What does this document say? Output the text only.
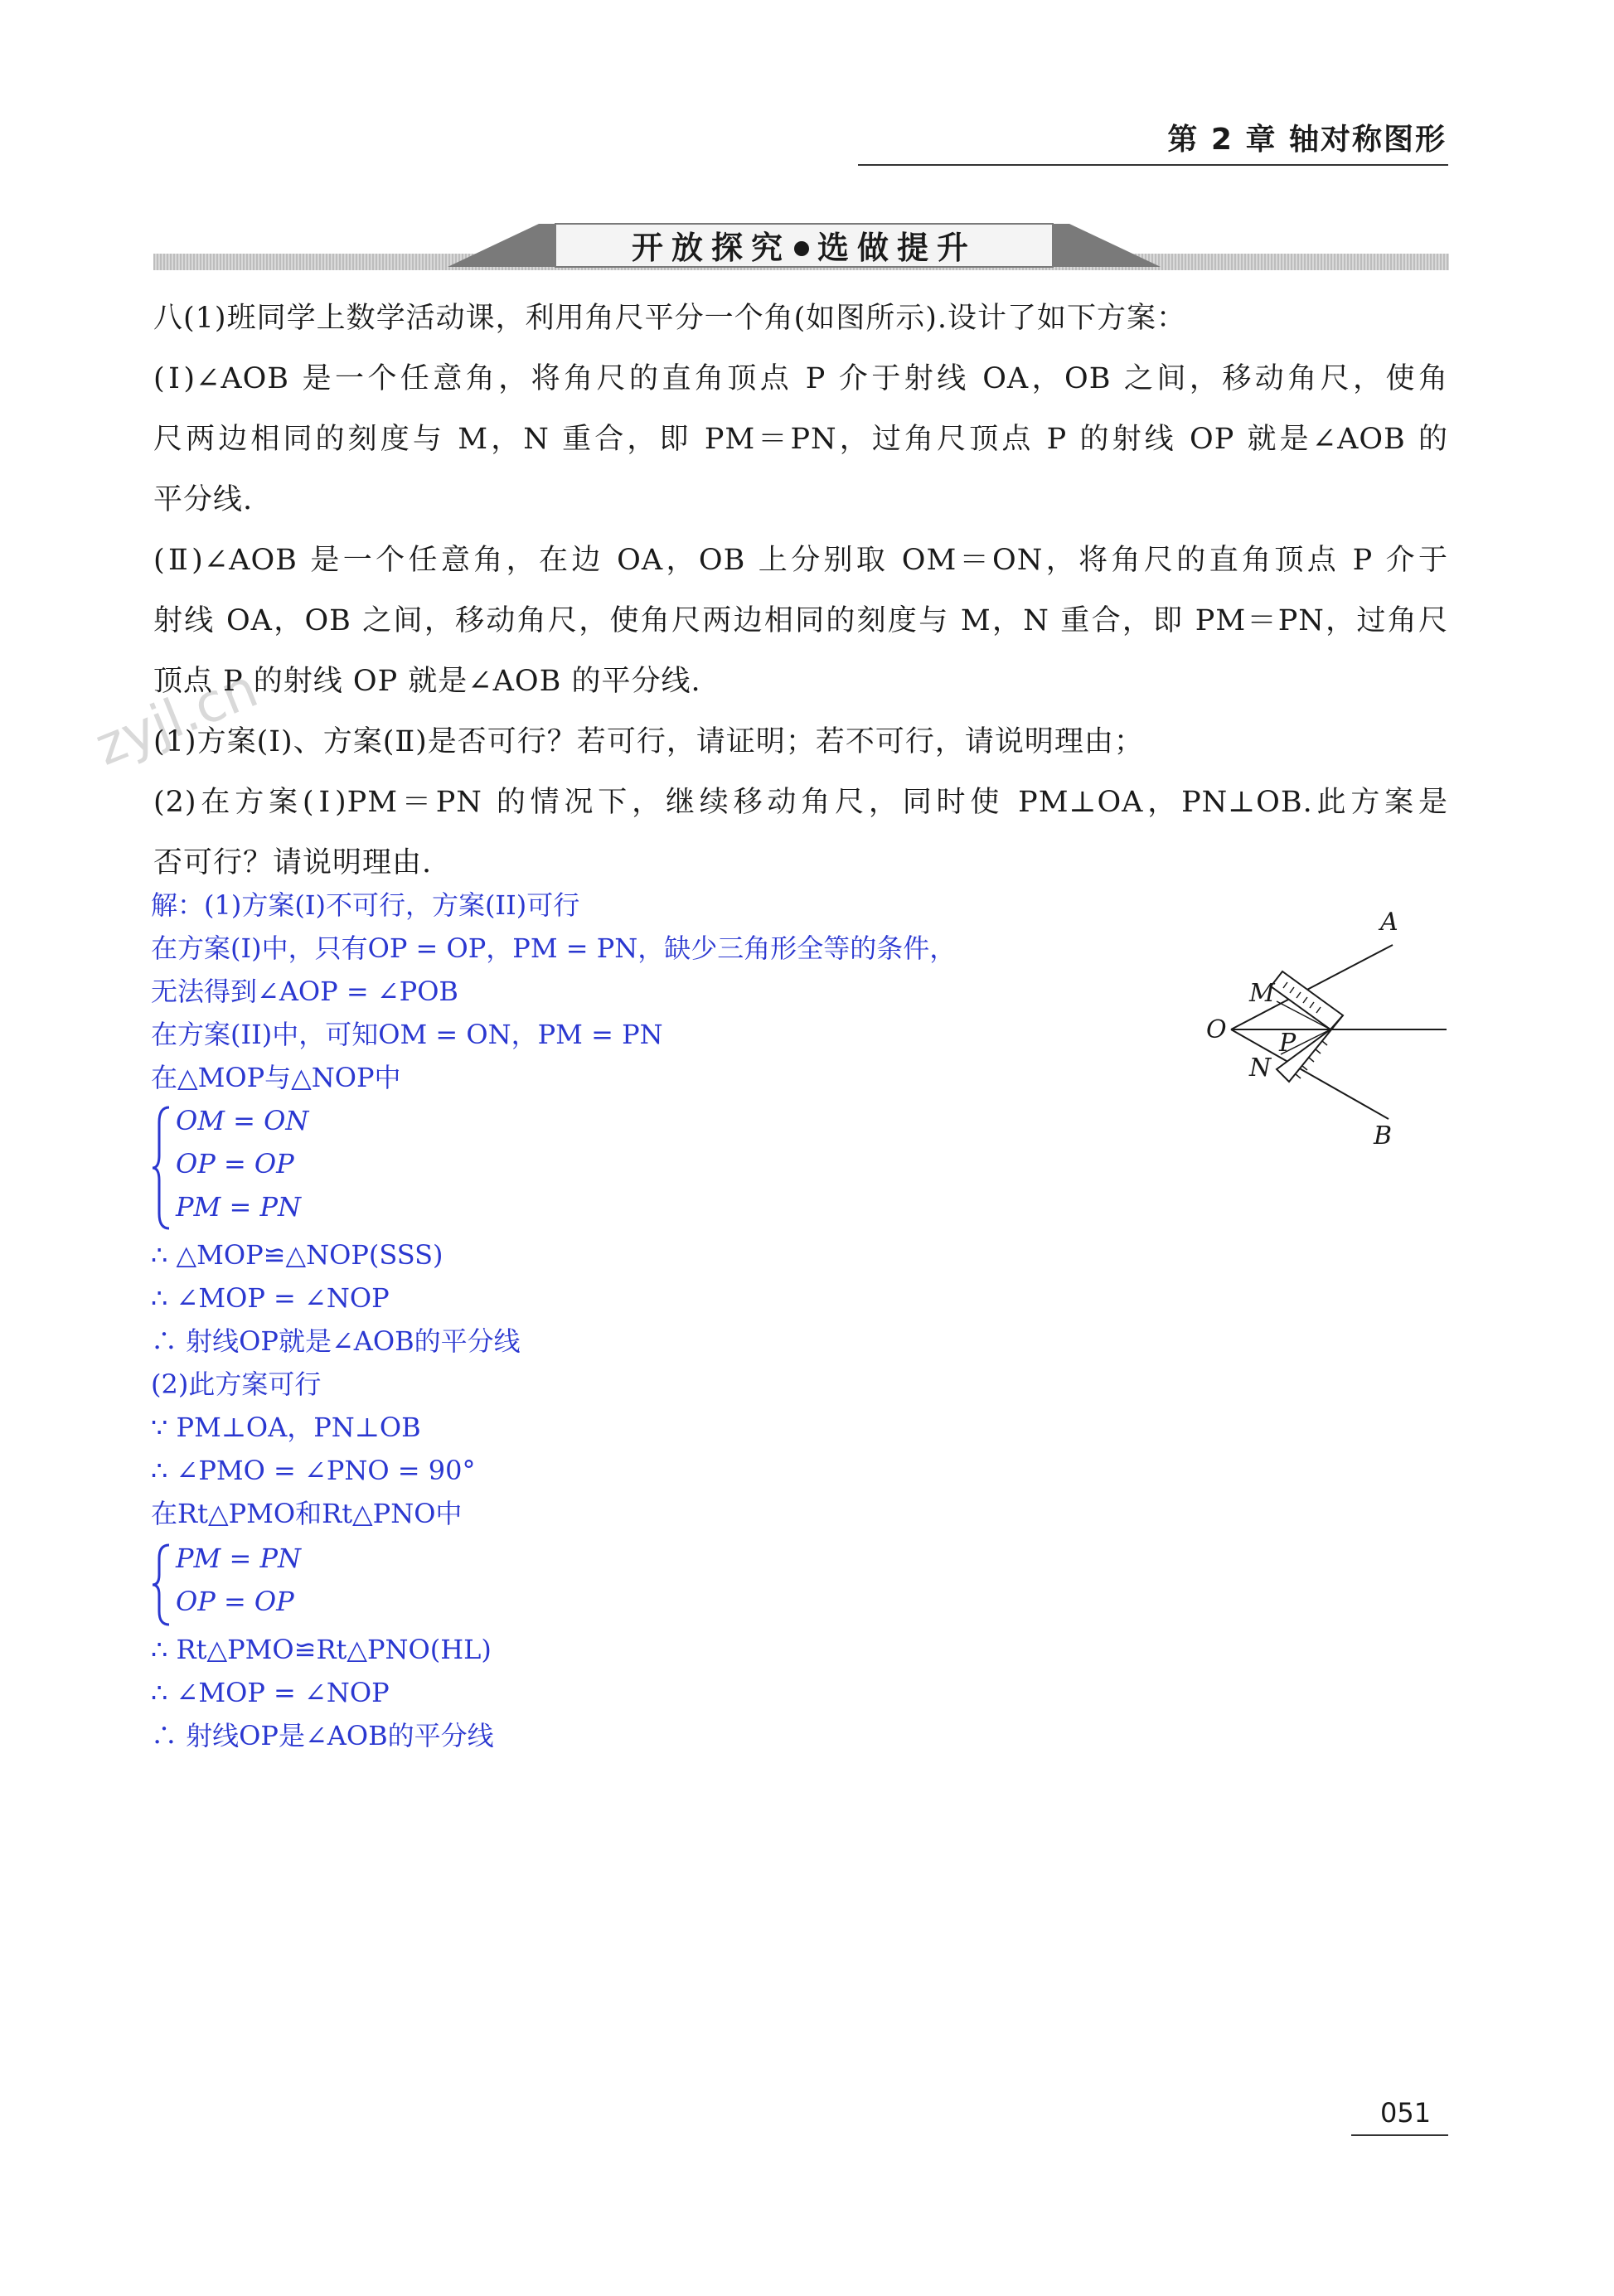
第 2 章 轴对称图形
开放探究 选做提升
zyjl.cn
八(1)班同学上数学活动课，利用角尺平分一个角(如图所示).设计了如下方案：
(Ⅰ)∠AOB 是一个任意角，将角尺的直角顶点 P 介于射线 OA，OB 之间，移动角尺，使角
尺两边相同的刻度与 M，N 重合，即 PM＝PN，过角尺顶点 P 的射线 OP 就是∠AOB 的
平分线.
(Ⅱ)∠AOB 是一个任意角，在边 OA，OB 上分别取 OM＝ON，将角尺的直角顶点 P 介于
射线 OA，OB 之间，移动角尺，使角尺两边相同的刻度与 M，N 重合，即 PM＝PN，过角尺
顶点 P 的射线 OP 就是∠AOB 的平分线.
(1)方案(Ⅰ)、方案(Ⅱ)是否可行？若可行，请证明；若不可行，请说明理由；
(2)在方案(Ⅰ)PM＝PN 的情况下，继续移动角尺，同时使 PM⊥OA，PN⊥OB.此方案是
否可行？请说明理由.
解：(1)方案(I)不可行，方案(II)可行
在方案(I)中，只有OP = OP，PM = PN，缺少三角形全等的条件，
无法得到∠AOP = ∠POB
在方案(II)中，可知OM = ON，PM = PN
在△MOP与△NOP中
OM = ON
OP = OP
PM = PN
∴ △MOP≌△NOP(SSS)
∴ ∠MOP = ∠NOP
∴ 射线OP就是∠AOB的平分线
(2)此方案可行
∵ PM⊥OA，PN⊥OB
∴ ∠PMO = ∠PNO = 90°
在Rt△PMO和Rt△PNO中
PM = PN
OP = OP
∴ Rt△PMO≌Rt△PNO(HL)
∴ ∠MOP = ∠NOP
∴ 射线OP是∠AOB的平分线
A
B
O
M
N
P
051
